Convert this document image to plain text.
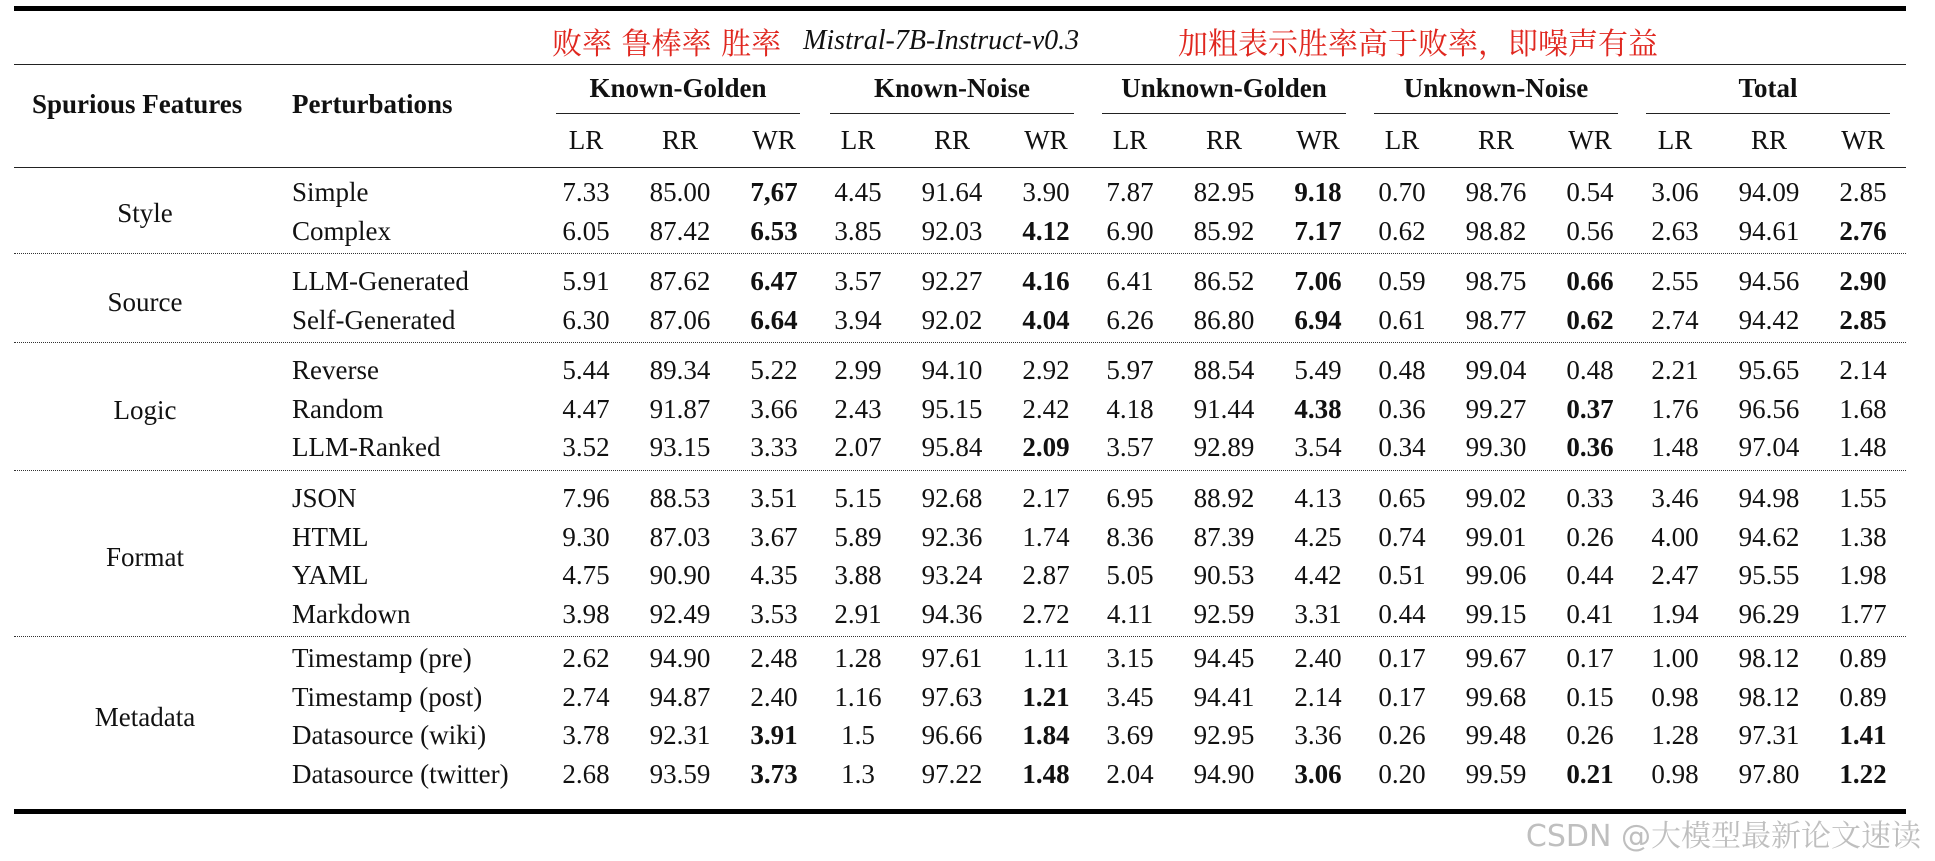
败率 鲁棒率 胜率 Mistral-7B-Instruct-v0.3	加粗表示胜率高于败率，即噪声有益
Spurious Features Perturbations
Known-Golden
LR	RR	WR
Known-Noise
LR	RR	WR
Unknown-Golden
LR	RR	WR
Unknown-Noise
LR	RR	WR
Total
LR	RR	WR
Style
Simple	7.33	85.00	7,67	4.45	91.64	3.90	7.87	82.95	9.18	0.70	98.76	0.54	3.06	94.09	2.85
Complex	6.05	87.42	6.53	3.85	92.03	4.12	6.90	85.92	7.17	0.62	98.82	0.56	2.63	94.61	2.76
Source
LLM-Generated	5.91	87.62	6.47	3.57	92.27	4.16	6.41	86.52	7.06	0.59	98.75	0.66	2.55	94.56	2.90
Self-Generated	6.30	87.06	6.64	3.94	92.02	4.04	6.26	86.80	6.94	0.61	98.77	0.62	2.74	94.42	2.85
Logic
Reverse	5.44	89.34	5.22	2.99	94.10	2.92	5.97	88.54	5.49	0.48	99.04	0.48	2.21	95.65	2.14
Random	4.47	91.87	3.66	2.43	95.15	2.42	4.18	91.44	4.38	0.36	99.27	0.37	1.76	96.56	1.68
LLM-Ranked	3.52	93.15	3.33	2.07	95.84	2.09	3.57	92.89	3.54	0.34	99.30	0.36	1.48	97.04	1.48
Format
JSON	7.96	88.53	3.51	5.15	92.68	2.17	6.95	88.92	4.13	0.65	99.02	0.33	3.46	94.98	1.55
HTML	9.30	87.03	3.67	5.89	92.36	1.74	8.36	87.39	4.25	0.74	99.01	0.26	4.00	94.62	1.38
YAML	4.75	90.90	4.35	3.88	93.24	2.87	5.05	90.53	4.42	0.51	99.06	0.44	2.47	95.55	1.98
Markdown	3.98	92.49	3.53	2.91	94.36	2.72	4.11	92.59	3.31	0.44	99.15	0.41	1.94	96.29	1.77
Metadata
Timestamp (pre)	2.62	94.90	2.48	1.28	97.61	1.11	3.15	94.45	2.40	0.17	99.67	0.17	1.00	98.12	0.89
Timestamp (post)	2.74	94.87	2.40	1.16	97.63	1.21	3.45	94.41	2.14	0.17	99.68	0.15	0.98	98.12	0.89
Datasource (wiki)	3.78	92.31	3.91	1.5	96.66	1.84	3.69	92.95	3.36	0.26	99.48	0.26	1.28	97.31	1.41
Datasource (twitter)	2.68	93.59	3.73	1.3	97.22	1.48	2.04	94.90	3.06	0.20	99.59	0.21	0.98	97.80	1.22
CSDN @大模型最新论文速读
